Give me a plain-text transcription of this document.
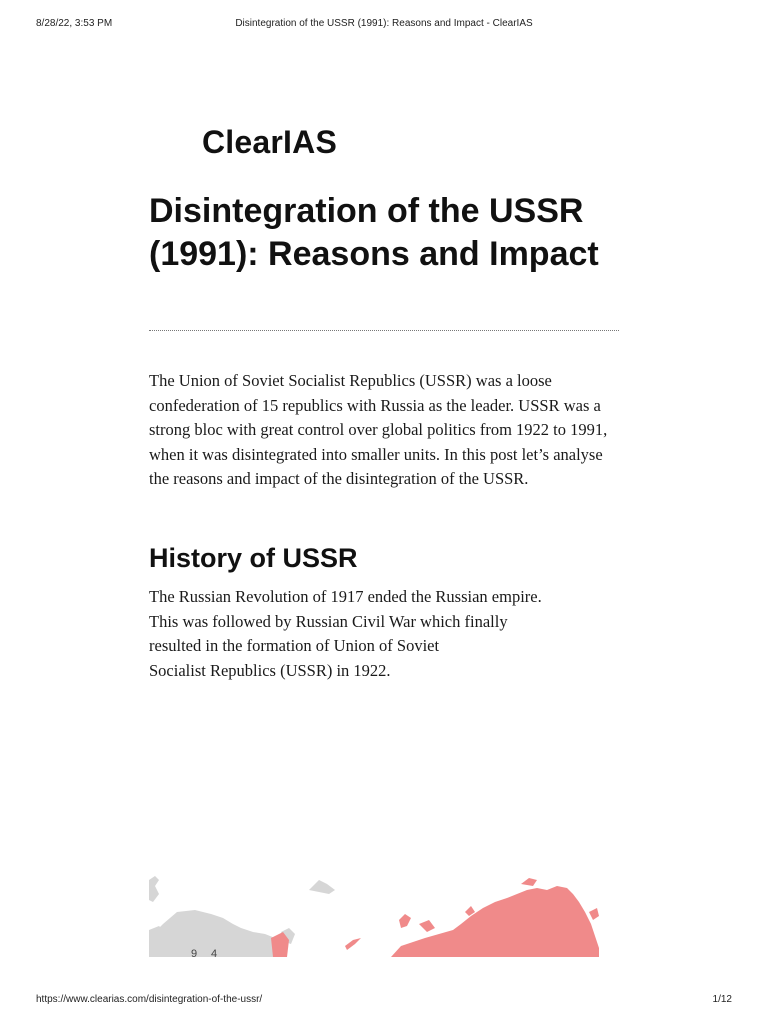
8/28/22, 3:53 PM	Disintegration of the USSR (1991): Reasons and Impact - ClearIAS
ClearIAS
Disintegration of the USSR (1991): Reasons and Impact

The Union of Soviet Socialist Republics (USSR) was a loose confederation of 15 republics with Russia as the leader. USSR was a strong bloc with great control over global politics from 1922 to 1991, when it was disintegrated into smaller units. In this post let’s analyse the reasons and impact of the disintegration of the USSR.

History of USSR

The Russian Revolution of 1917 ended the Russian empire.
This was followed by Russian Civil War which finally
resulted in the formation of Union of Soviet
Socialist Republics (USSR) in 1922.

9 4
https://www.clearias.com/disintegration-of-the-ussr/	1/12
